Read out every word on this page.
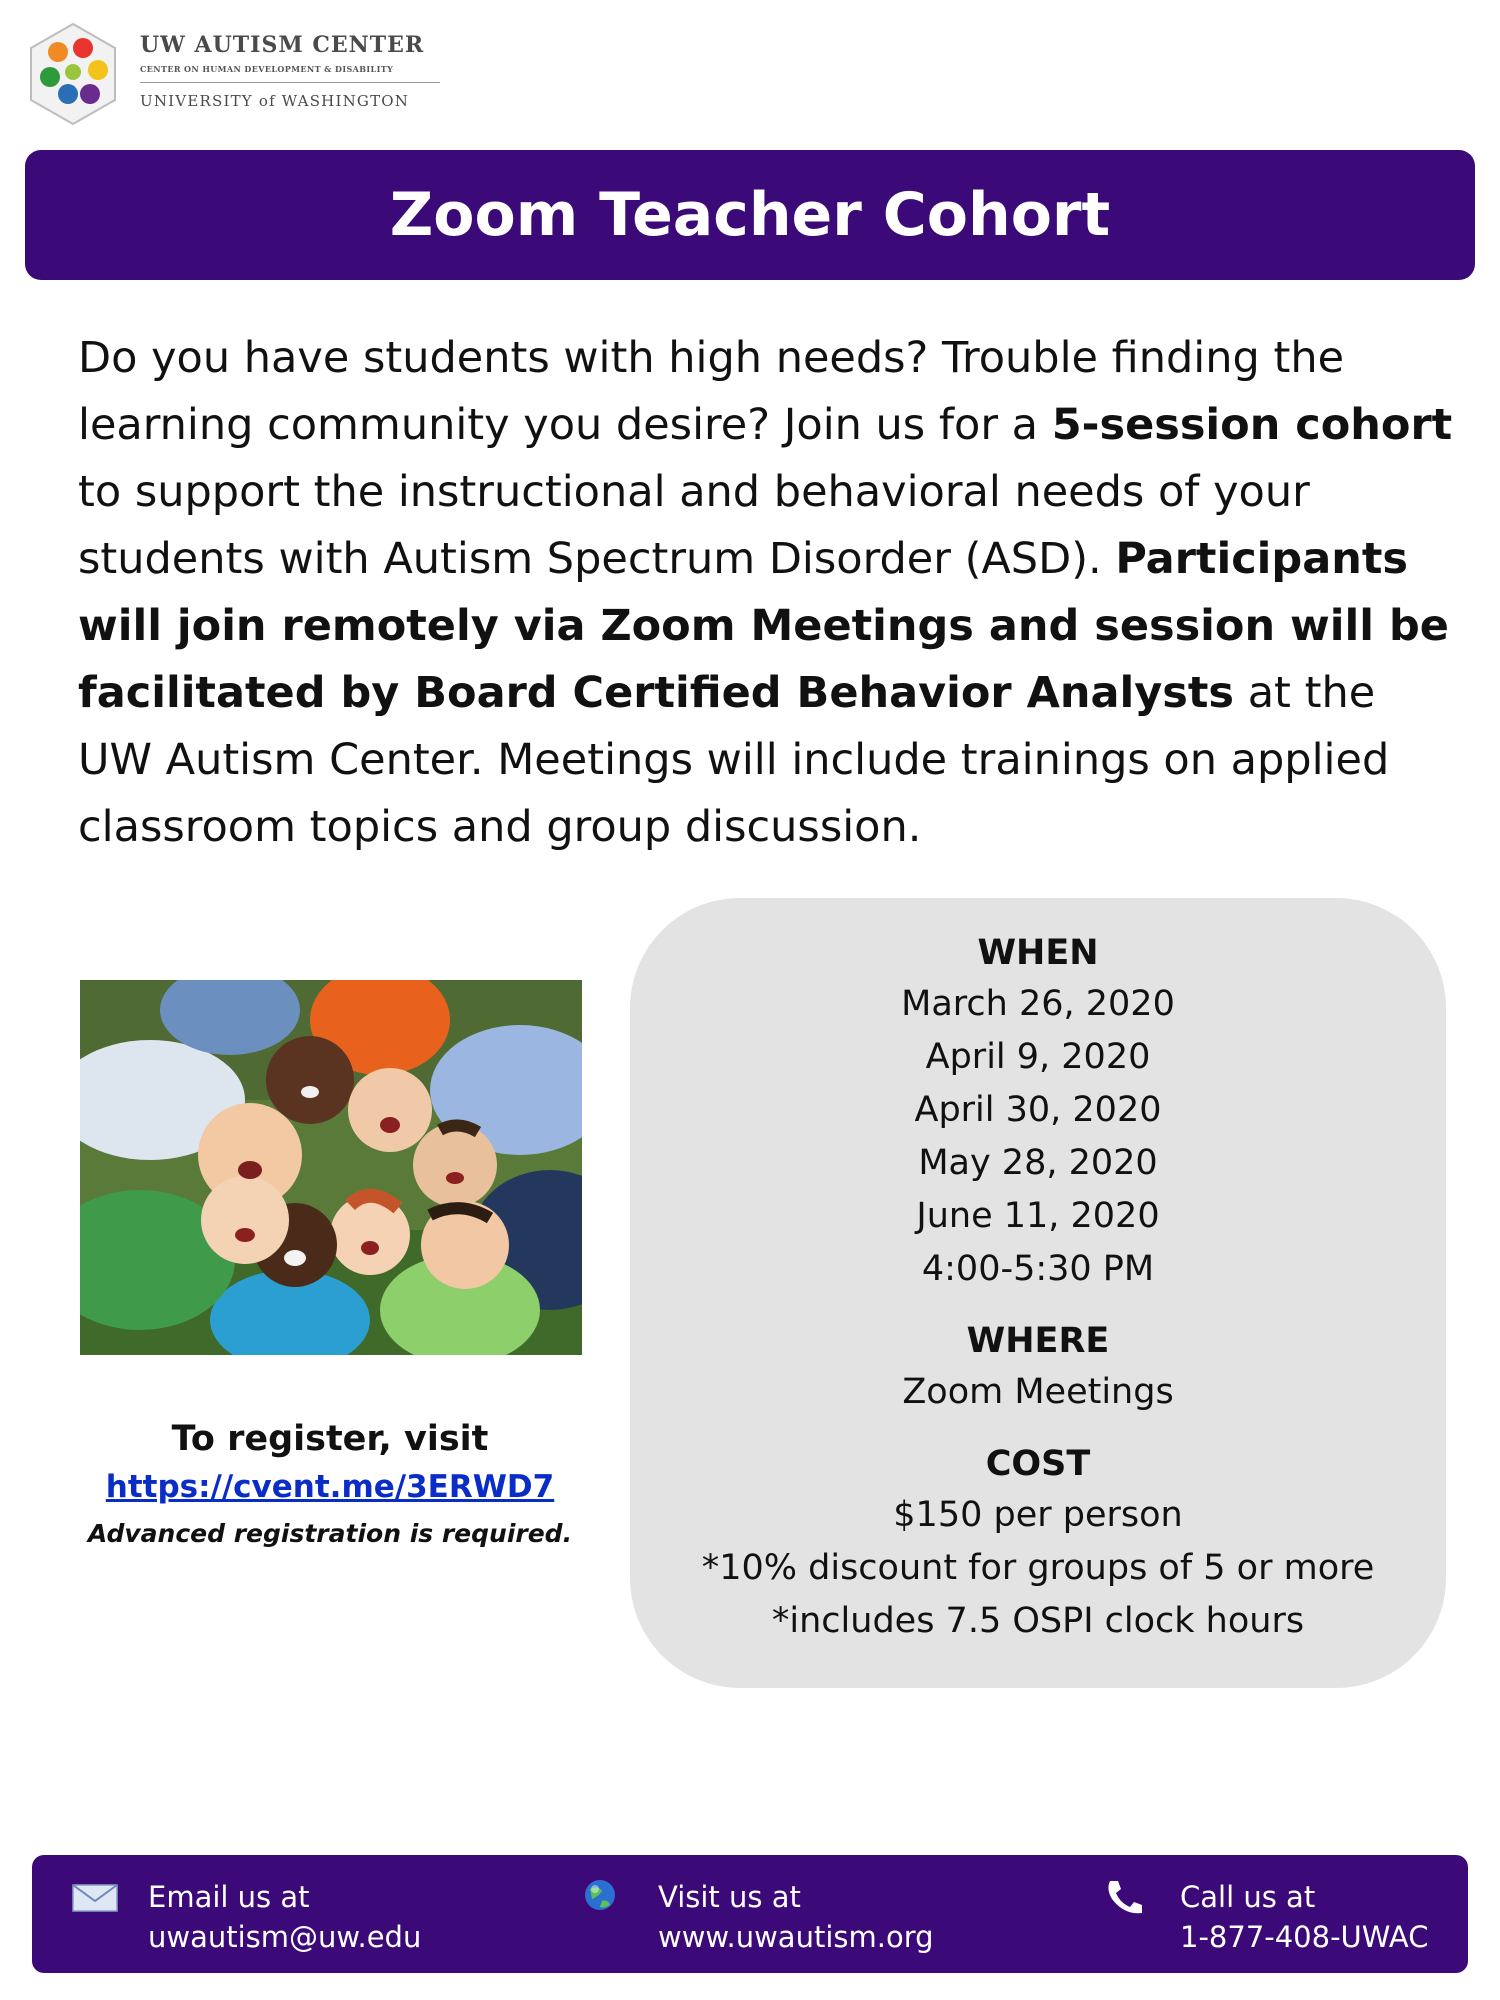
UW AUTISM CENTER
CENTER ON HUMAN DEVELOPMENT & DISABILITY
UNIVERSITY of WASHINGTON
Zoom Teacher Cohort
Do you have students with high needs? Trouble finding the learning community you desire? Join us for a 5-session cohort to support the instructional and behavioral needs of your students with Autism Spectrum Disorder (ASD). Participants will join remotely via Zoom Meetings and session will be facilitated by Board Certified Behavior Analysts at the UW Autism Center. Meetings will include trainings on applied classroom topics and group discussion.
To register, visit
https://cvent.me/3ERWD7
Advanced registration is required.
WHEN
March 26, 2020
April 9, 2020
April 30, 2020
May 28, 2020
June 11, 2020
4:00-5:30 PM
WHERE
Zoom Meetings
COST
$150 per person
*10% discount for groups of 5 or more
*includes 7.5 OSPI clock hours
Email us at
uwautism@uw.edu
Visit us at
www.uwautism.org
Call us at
1-877-408-UWAC
